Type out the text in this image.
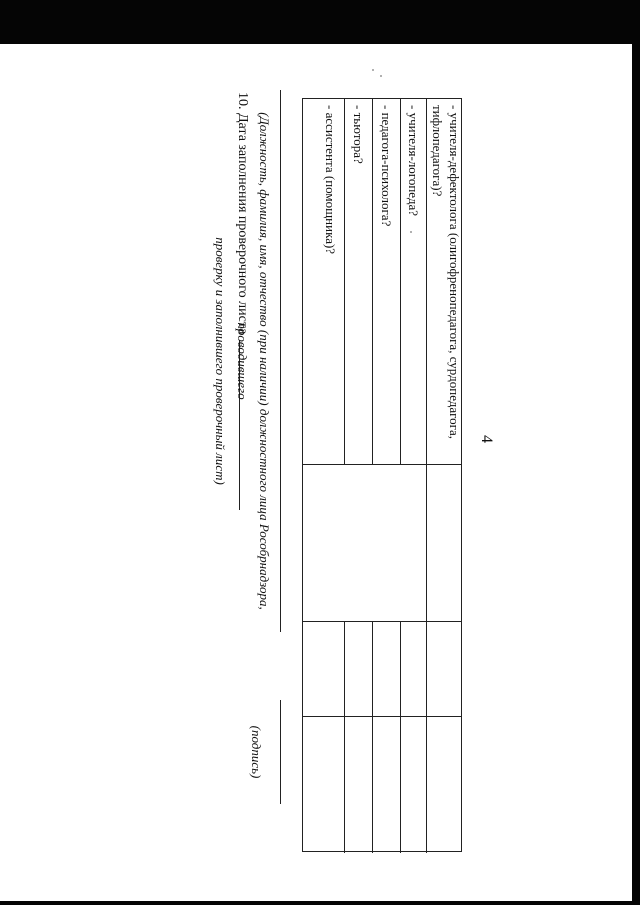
4
- учителя-дефектолога (олигофренопедагога, сурдопедагога,
тифлопедагога)?
- учителя-логопеда?
- педагога-психолога?
- тьютора?
- ассистента (помощника)?
10. Дата заполнения проверочного листа (Должность, фамилия, имя, отчество (при наличии) должностного лица Рособрнадзора, проводившего
проверку и заполнившего проверочный лист)
(подпись)
